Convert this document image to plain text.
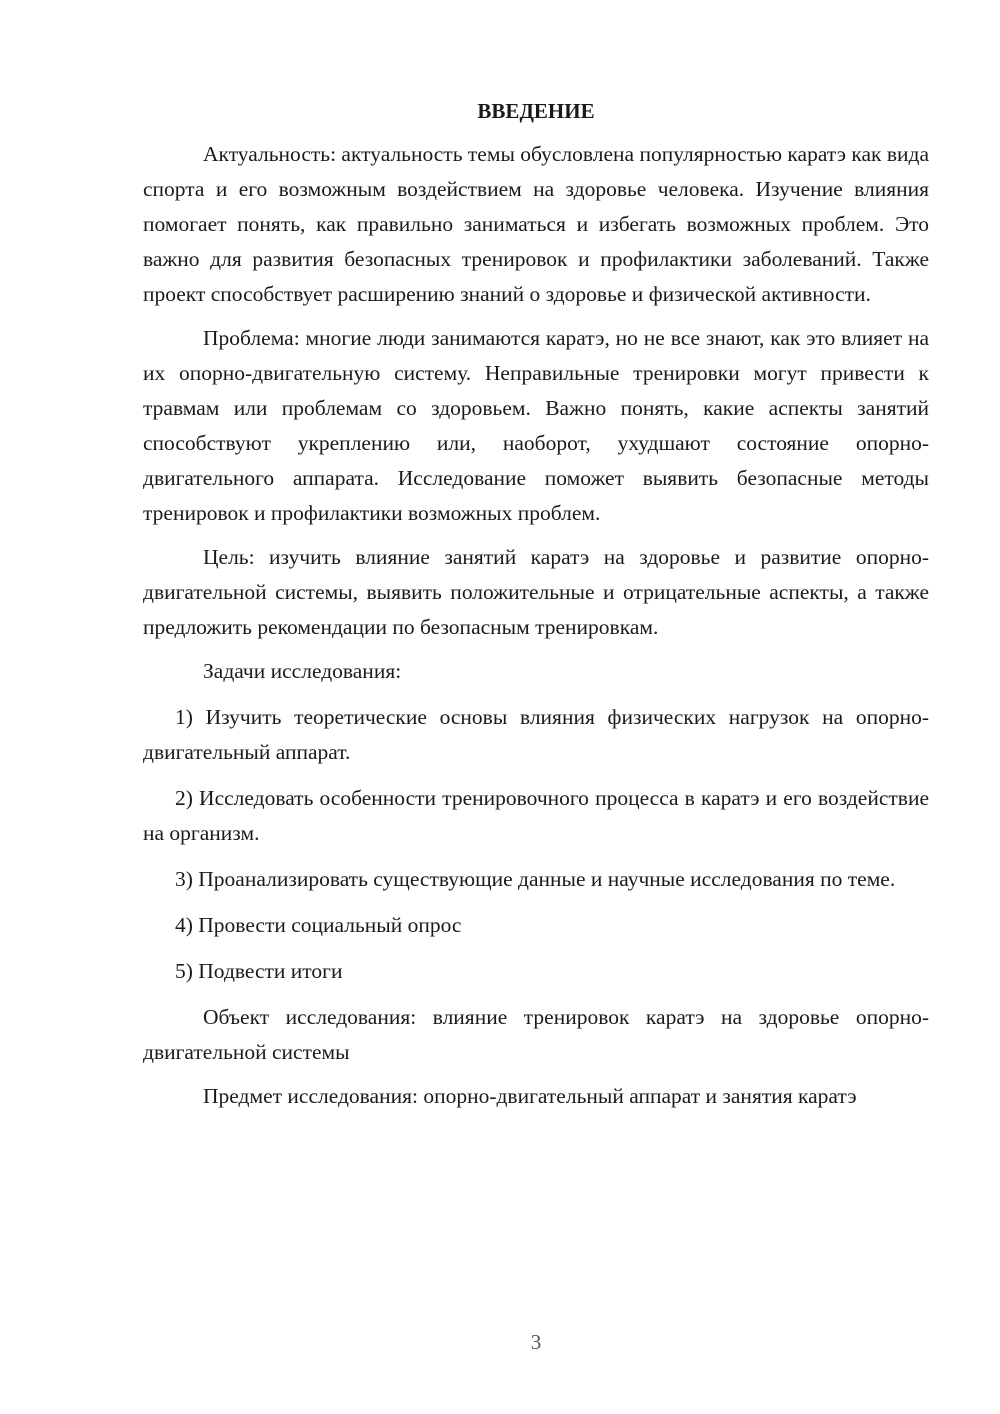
ВВЕДЕНИЕ

Актуальность: актуальность темы обусловлена популярностью каратэ как вида спорта и его возможным воздействием на здоровье человека. Изучение влияния помогает понять, как правильно заниматься и избегать возможных проблем. Это важно для развития безопасных тренировок и профилактики заболеваний. Также проект способствует расширению знаний о здоровье и физической активности.

Проблема: многие люди занимаются каратэ, но не все знают, как это влияет на их опорно-двигательную систему. Неправильные тренировки могут привести к травмам или проблемам со здоровьем. Важно понять, какие аспекты занятий способствуют укреплению или, наоборот, ухудшают состояние опорно-двигательного аппарата. Исследование поможет выявить безопасные методы тренировок и профилактики возможных проблем.

Цель: изучить влияние занятий каратэ на здоровье и развитие опорно-двигательной системы, выявить положительные и отрицательные аспекты, а также предложить рекомендации по безопасным тренировкам.

Задачи исследования:

1) Изучить теоретические основы влияния физических нагрузок на опорно-двигательный аппарат.

2) Исследовать особенности тренировочного процесса в каратэ и его воздействие на организм.

3) Проанализировать существующие данные и научные исследования по теме.

4) Провести социальный опрос

5) Подвести итоги

Объект исследования: влияние тренировок каратэ на здоровье опорно-двигательной системы

Предмет исследования: опорно-двигательный аппарат и занятия каратэ

3
